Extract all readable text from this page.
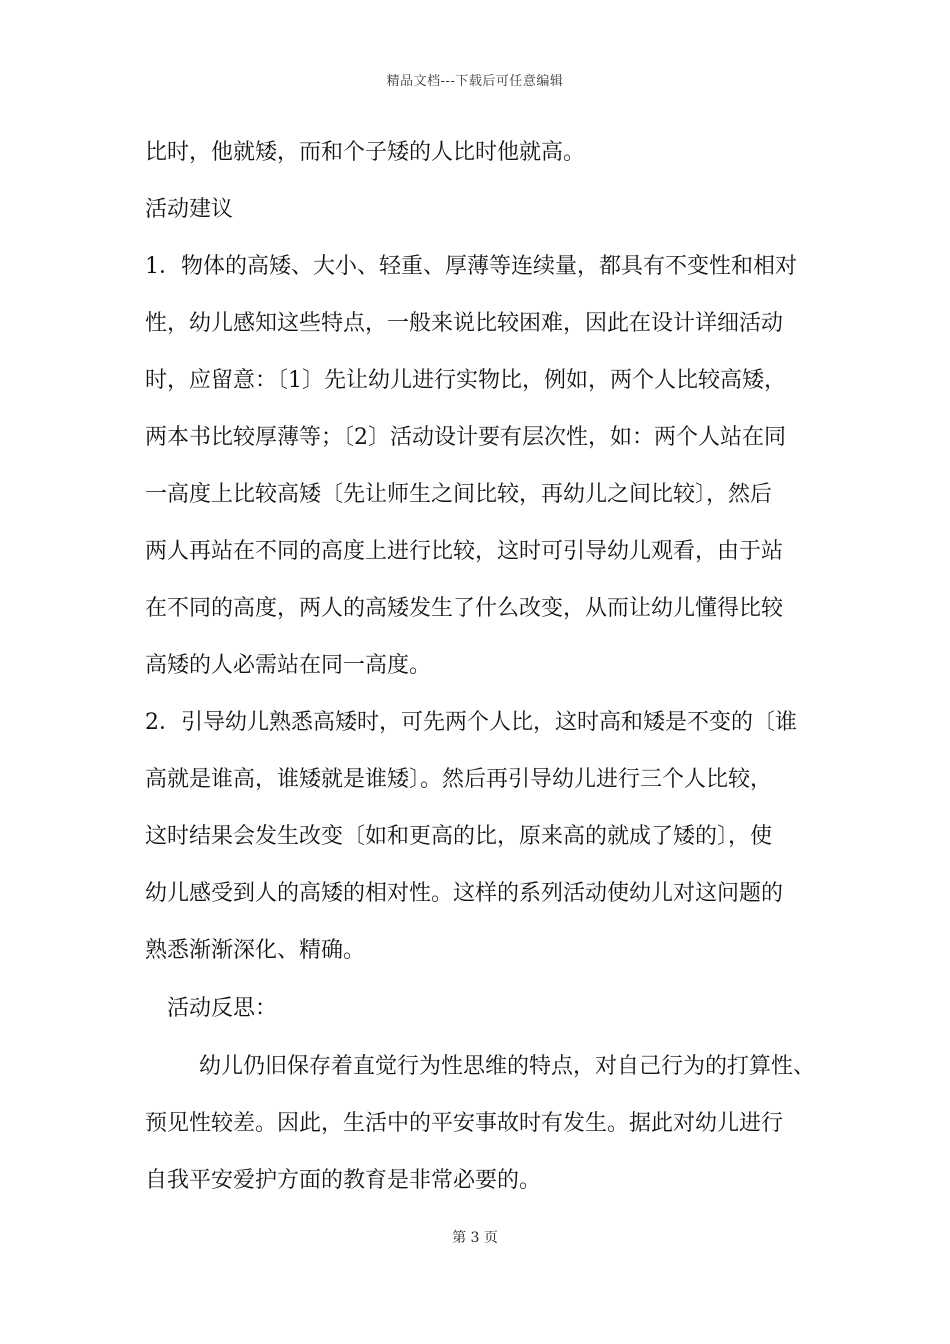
精品文档---下载后可任意编辑
比时，他就矮，而和个子矮的人比时他就高。
活动建议
1．物体的高矮、大小、轻重、厚薄等连续量，都具有不变性和相对
性，幼儿感知这些特点，一般来说比较困难，因此在设计详细活动
时，应留意：〔1〕先让幼儿进行实物比，例如，两个人比较高矮，
两本书比较厚薄等；〔2〕活动设计要有层次性，如：两个人站在同
一高度上比较高矮〔先让师生之间比较，再幼儿之间比较〕，然后
两人再站在不同的高度上进行比较，这时可引导幼儿观看，由于站
在不同的高度，两人的高矮发生了什么改变，从而让幼儿懂得比较
高矮的人必需站在同一高度。
2．引导幼儿熟悉高矮时，可先两个人比，这时高和矮是不变的〔谁
高就是谁高，谁矮就是谁矮〕。然后再引导幼儿进行三个人比较，
这时结果会发生改变〔如和更高的比，原来高的就成了矮的〕，使
幼儿感受到人的高矮的相对性。这样的系列活动使幼儿对这问题的
熟悉渐渐深化、精确。
活动反思：
幼儿仍旧保存着直觉行为性思维的特点，对自己行为的打算性、
预见性较差。因此，生活中的平安事故时有发生。据此对幼儿进行
自我平安爱护方面的教育是非常必要的。
第 3 页
